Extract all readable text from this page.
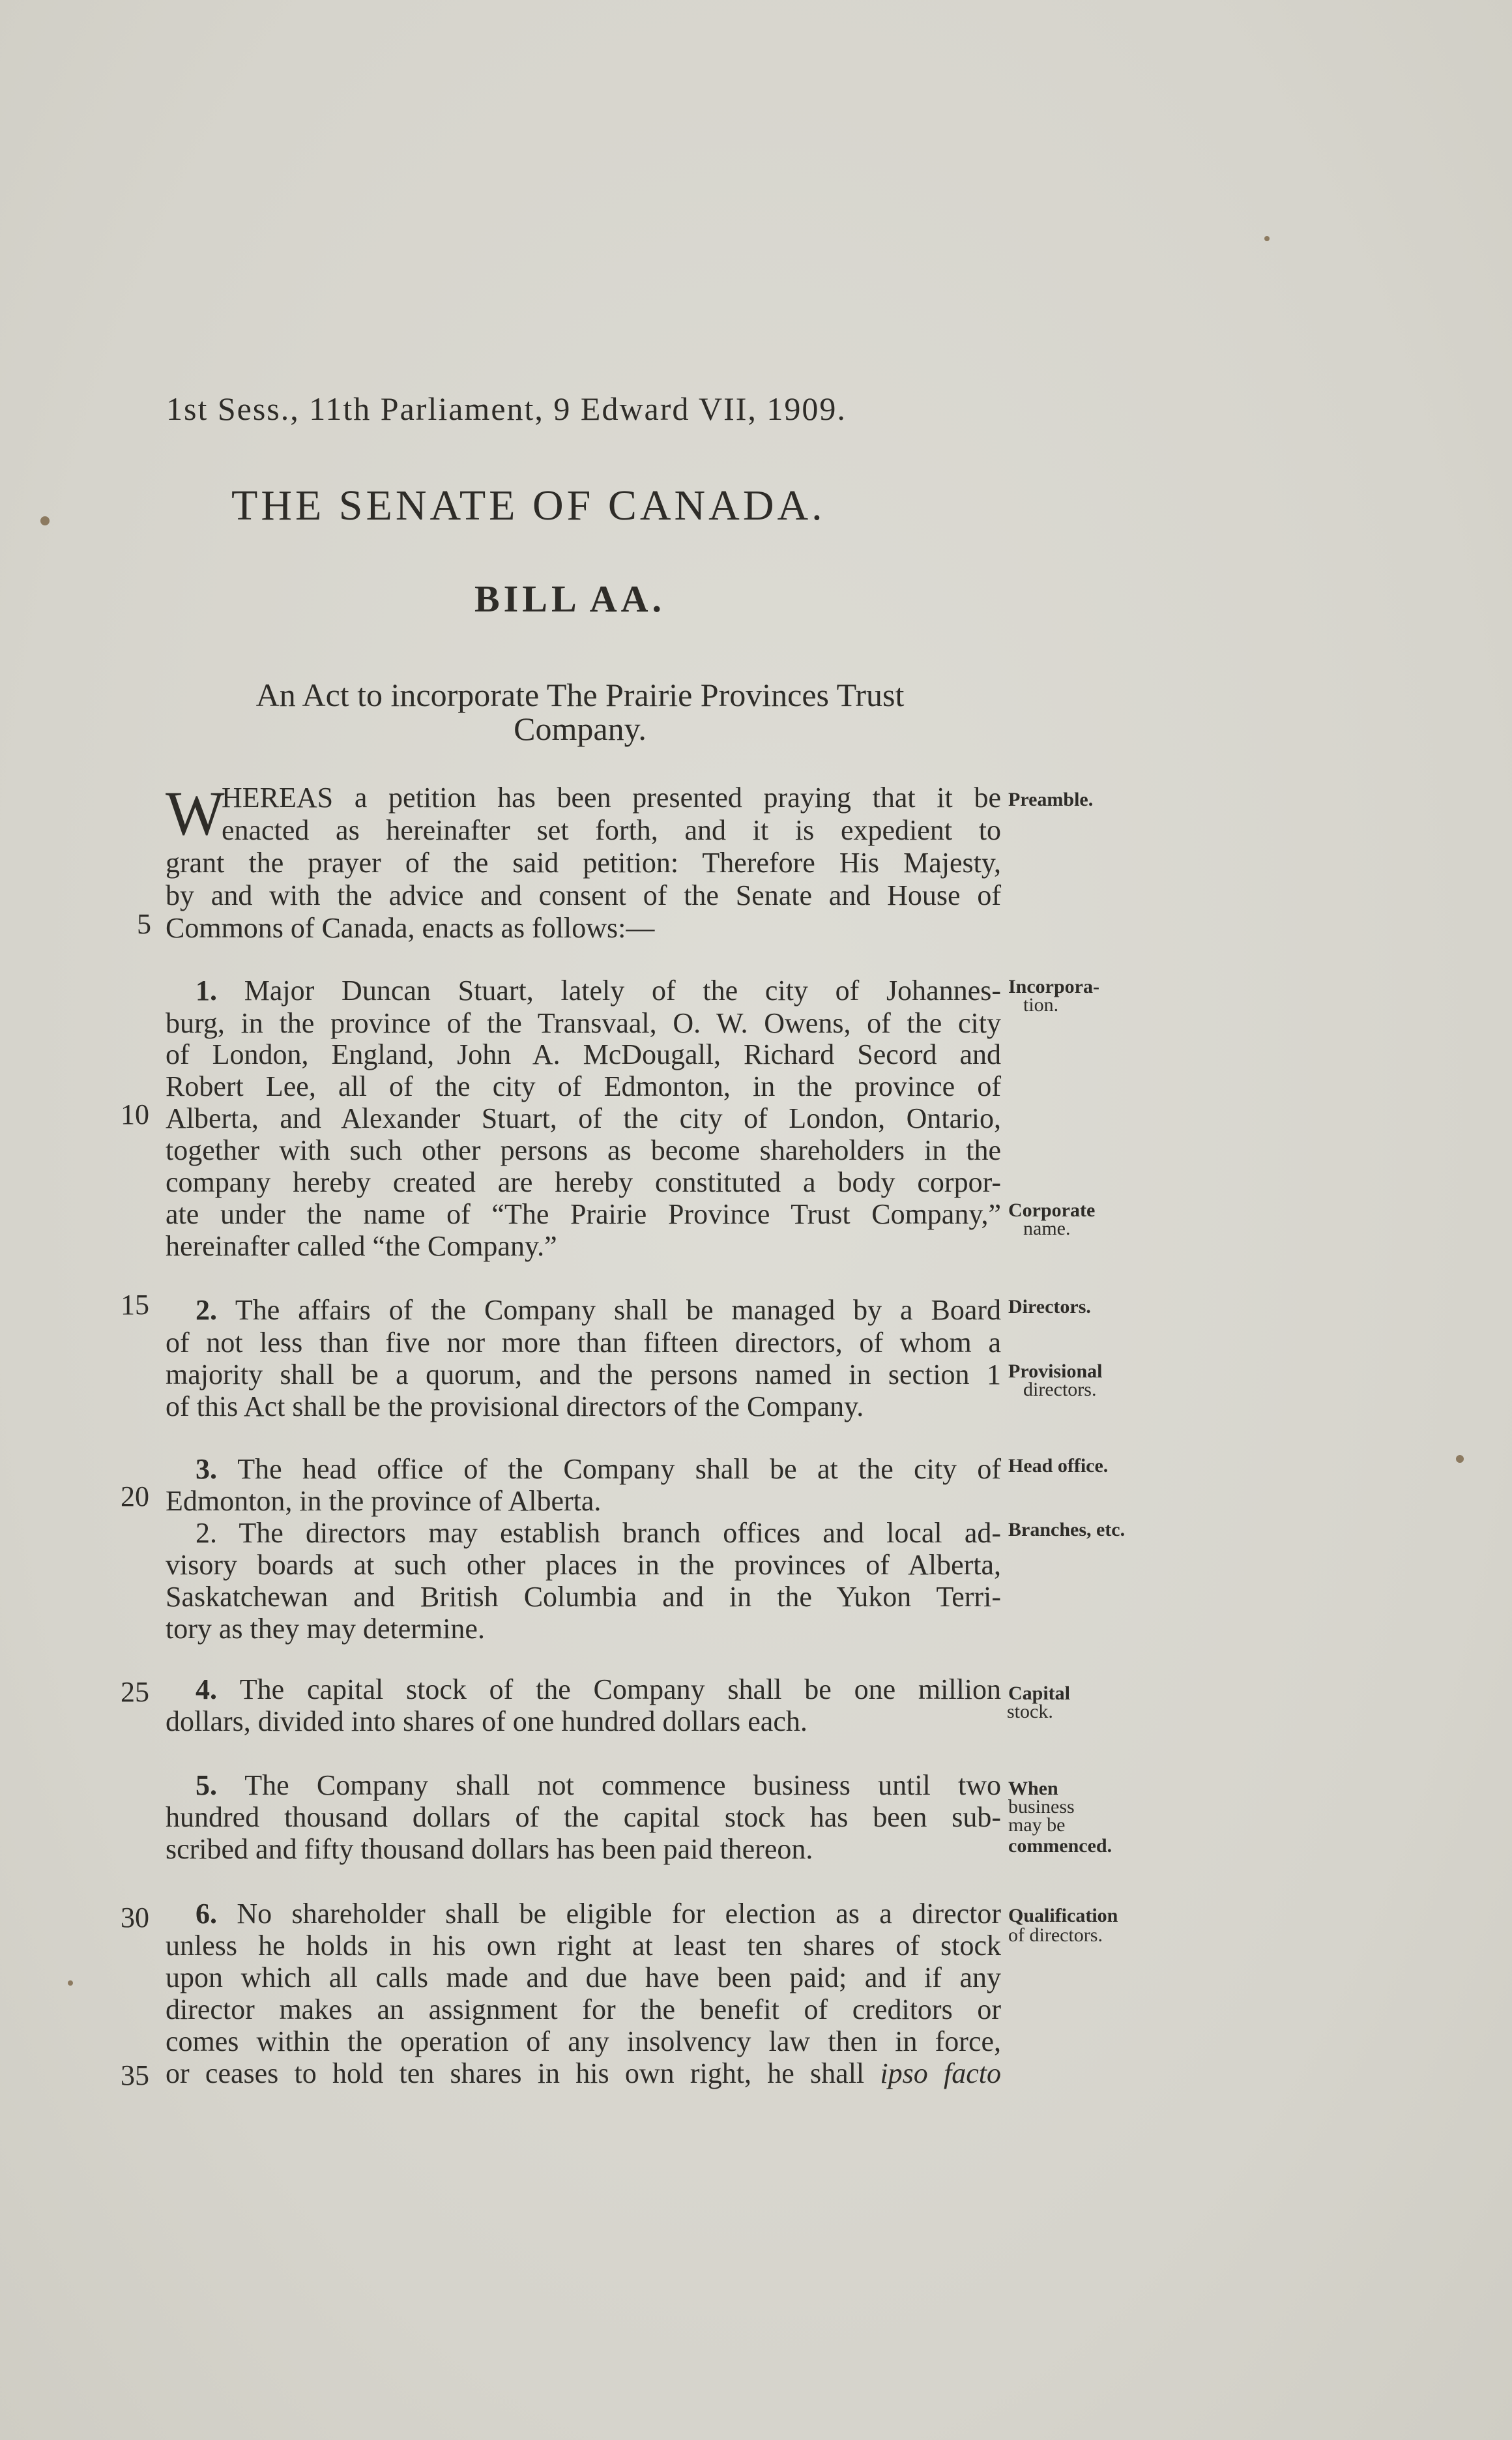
1st Sess., 11th Parliament, 9 Edward VII, 1909.
THE SENATE OF CANADA.
BILL AA.
An Act to incorporate The Prairie Provinces Trust Company.
W
HEREAS a petition has been presented praying that it be
enacted as hereinafter set forth, and it is expedient to
grant the prayer of the said petition: Therefore His Majesty,
by and with the advice and consent of the Senate and House of
Commons of Canada, enacts as follows:—
1. Major Duncan Stuart, lately of the city of Johannes-
burg, in the province of the Transvaal, O. W. Owens, of the city
of London, England, John A. McDougall, Richard Secord and
Robert Lee, all of the city of Edmonton, in the province of
Alberta, and Alexander Stuart, of the city of London, Ontario,
together with such other persons as become shareholders in the
company hereby created are hereby constituted a body corpor-
ate under the name of “The Prairie Province Trust Company,”
hereinafter called “the Company.”
2. The affairs of the Company shall be managed by a Board
of not less than five nor more than fifteen directors, of whom a
majority shall be a quorum, and the persons named in section 1
of this Act shall be the provisional directors of the Company.
3. The head office of the Company shall be at the city of
Edmonton, in the province of Alberta.
2. The directors may establish branch offices and local ad-
visory boards at such other places in the provinces of Alberta,
Saskatchewan and British Columbia and in the Yukon Terri-
tory as they may determine.
4. The capital stock of the Company shall be one million
dollars, divided into shares of one hundred dollars each.
5. The Company shall not commence business until two
hundred thousand dollars of the capital stock has been sub-
scribed and fifty thousand dollars has been paid thereon.
6. No shareholder shall be eligible for election as a director
unless he holds in his own right at least ten shares of stock
upon which all calls made and due have been paid; and if any
director makes an assignment for the benefit of creditors or
comes within the operation of any insolvency law then in force,
or ceases to hold ten shares in his own right, he shall ipso facto
5
10
15
20
25
30
35
Preamble.
Incorpora-
tion.
Corporate
name.
Directors.
Provisional
directors.
Head office.
Branches, etc.
Capital
stock.
When
business
may be
commenced.
Qualification
of directors.
